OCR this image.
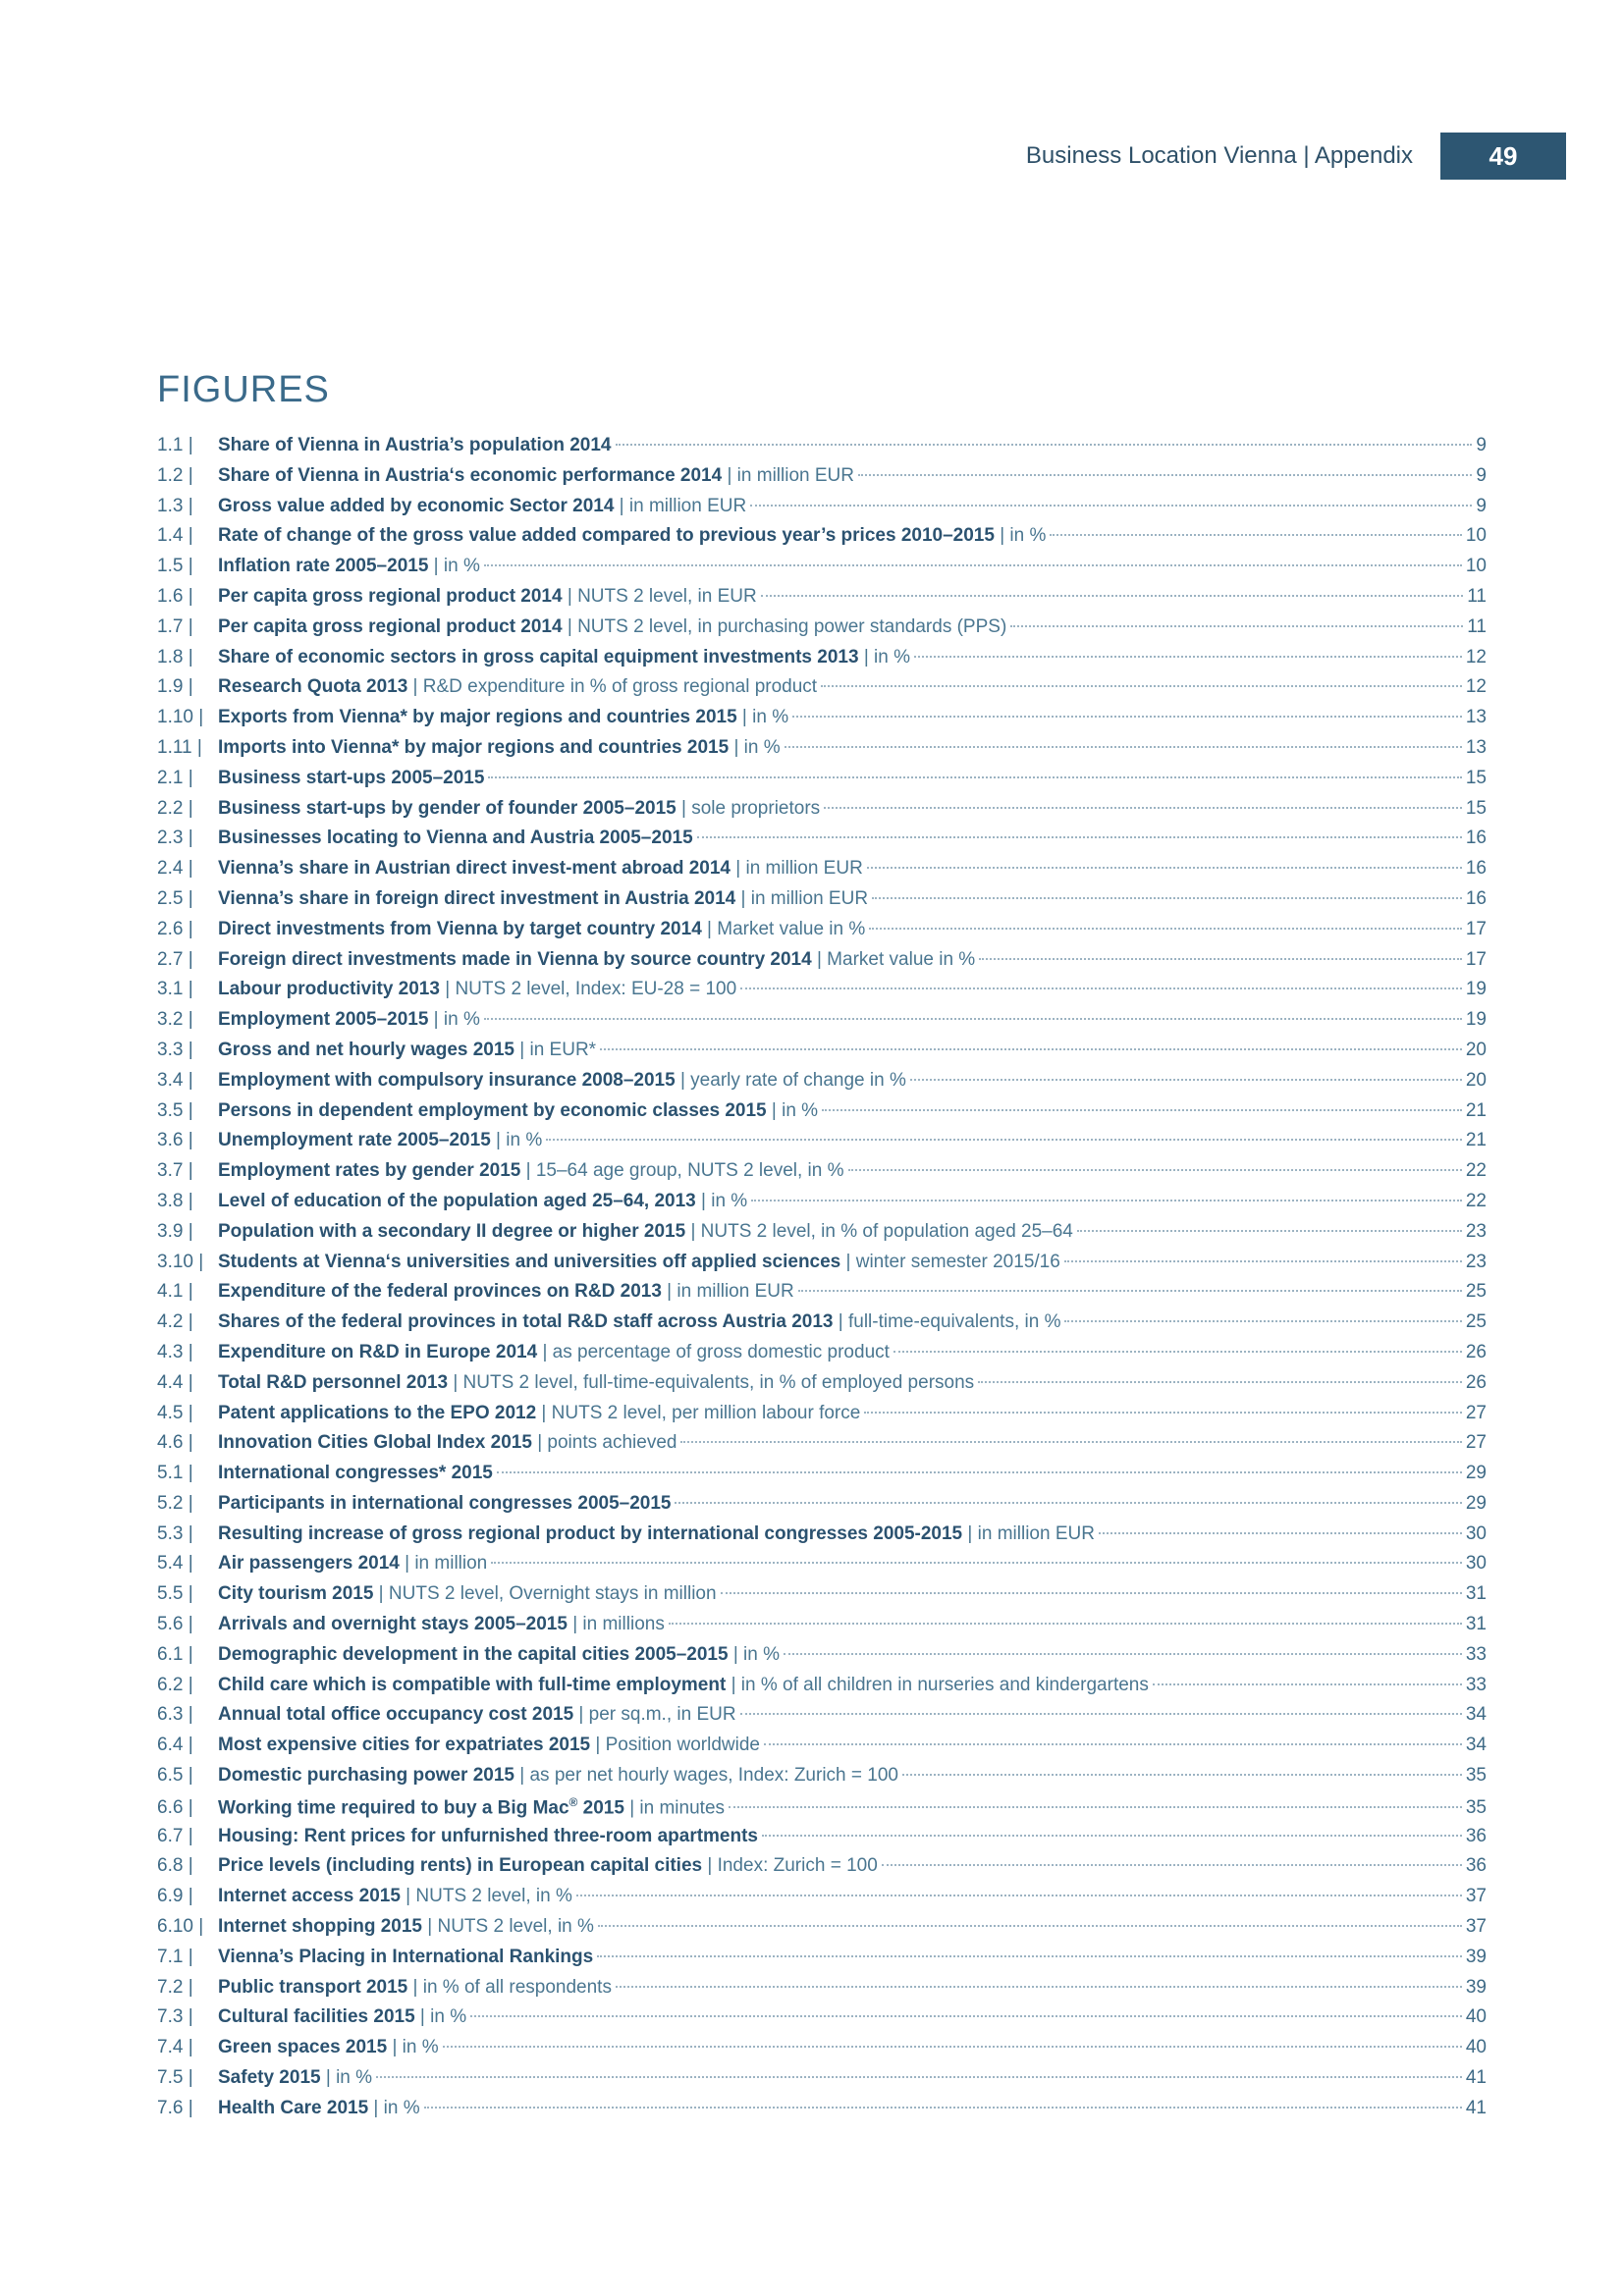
Business Location Vienna | Appendix	49
FIGURES
1.1 |	Share of Vienna in Austria’s population 2014	9
1.2 |	Share of Vienna in Austria‘s economic performance 2014 | in million EUR	9
1.3 |	Gross value added by economic Sector 2014 | in million EUR	9
1.4 |	Rate of change of the gross value added compared to previous year’s prices 2010–2015 | in %	10
1.5 |	Inflation rate 2005–2015 | in %	10
1.6 |	Per capita gross regional product 2014 | NUTS 2 level, in EUR	11
1.7 |	Per capita gross regional product 2014 | NUTS 2 level, in purchasing power standards (PPS)	11
1.8 |	Share of economic sectors in gross capital equipment investments 2013 | in %	12
1.9 |	Research Quota 2013 | R&D expenditure in % of gross regional product	12
1.10 | Exports from Vienna* by major regions and countries 2015 | in %	13
1.11 | Imports into Vienna* by major regions and countries 2015 | in %	13
2.1 |	Business start-ups 2005–2015	15
2.2 |	Business start-ups by gender of founder 2005–2015 | sole proprietors	15
2.3 |	Businesses locating to Vienna and Austria 2005–2015	16
2.4 |	Vienna’s share in Austrian direct invest-ment abroad 2014 | in million EUR	16
2.5 |	Vienna’s share in foreign direct investment in Austria 2014 | in million EUR	16
2.6 |	Direct investments from Vienna by target country 2014 | Market value in %	17
2.7 |	Foreign direct investments made in Vienna by source country 2014 | Market value in %	17
3.1 |	Labour productivity 2013 | NUTS 2 level, Index: EU-28 = 100	19
3.2 |	Employment 2005–2015 | in %	19
3.3 |	Gross and net hourly wages 2015 | in EUR*	20
3.4 |	Employment with compulsory insurance 2008–2015 | yearly rate of change in %	20
3.5 |	Persons in dependent employment by economic classes 2015 | in %	21
3.6 |	Unemployment rate 2005–2015 | in %	21
3.7 |	Employment rates by gender 2015 | 15–64 age group, NUTS 2 level, in %	22
3.8 |	Level of education of the population aged 25–64, 2013 | in %	22
3.9 |	Population with a secondary II degree or higher 2015 | NUTS 2 level, in % of population aged 25–64	23
3.10 | Students at Vienna‘s universities and universities off applied sciences | winter semester 2015/16	23
4.1 |	Expenditure of the federal provinces on R&D 2013 | in million EUR	25
4.2 |	Shares of the federal provinces in total R&D staff across Austria 2013 | full-time-equivalents, in %	25
4.3 |	Expenditure on R&D in Europe 2014 | as percentage of gross domestic product	26
4.4 |	Total R&D personnel 2013 | NUTS 2 level, full-time-equivalents, in % of employed persons	26
4.5 |	Patent applications to the EPO 2012 | NUTS 2 level, per million labour force	27
4.6 |	Innovation Cities Global Index 2015 | points achieved	27
5.1 |	International congresses* 2015	29
5.2 |	Participants in international congresses 2005–2015	29
5.3 |	Resulting increase of gross regional product by international congresses 2005-2015 | in million EUR	30
5.4 |	Air passengers 2014 | in million	30
5.5 |	City tourism 2015 | NUTS 2 level, Overnight stays in million	31
5.6 |	Arrivals and overnight stays 2005–2015 | in millions	31
6.1 |	Demographic development in the capital cities 2005–2015 | in %	33
6.2 |	Child care which is compatible with full-time employment | in % of all children in nurseries and kindergartens	33
6.3 |	Annual total office occupancy cost 2015 | per sq.m., in EUR	34
6.4 |	Most expensive cities for expatriates 2015 | Position worldwide	34
6.5 |	Domestic purchasing power 2015 | as per net hourly wages, Index: Zurich = 100	35
6.6 |	Working time required to buy a Big Mac® 2015 | in minutes	35
6.7 |	Housing: Rent prices for unfurnished three-room apartments	36
6.8 |	Price levels (including rents) in European capital cities | Index: Zurich = 100	36
6.9 |	Internet access 2015 | NUTS 2 level, in %	37
6.10 | Internet shopping 2015 | NUTS 2 level, in %	37
7.1 |	Vienna’s Placing in International Rankings	39
7.2 |	Public transport 2015 | in % of all respondents	39
7.3 |	Cultural facilities 2015 | in %	40
7.4 |	Green spaces 2015 | in %	40
7.5 |	Safety 2015 | in %	41
7.6 |	Health Care 2015 | in %	41
